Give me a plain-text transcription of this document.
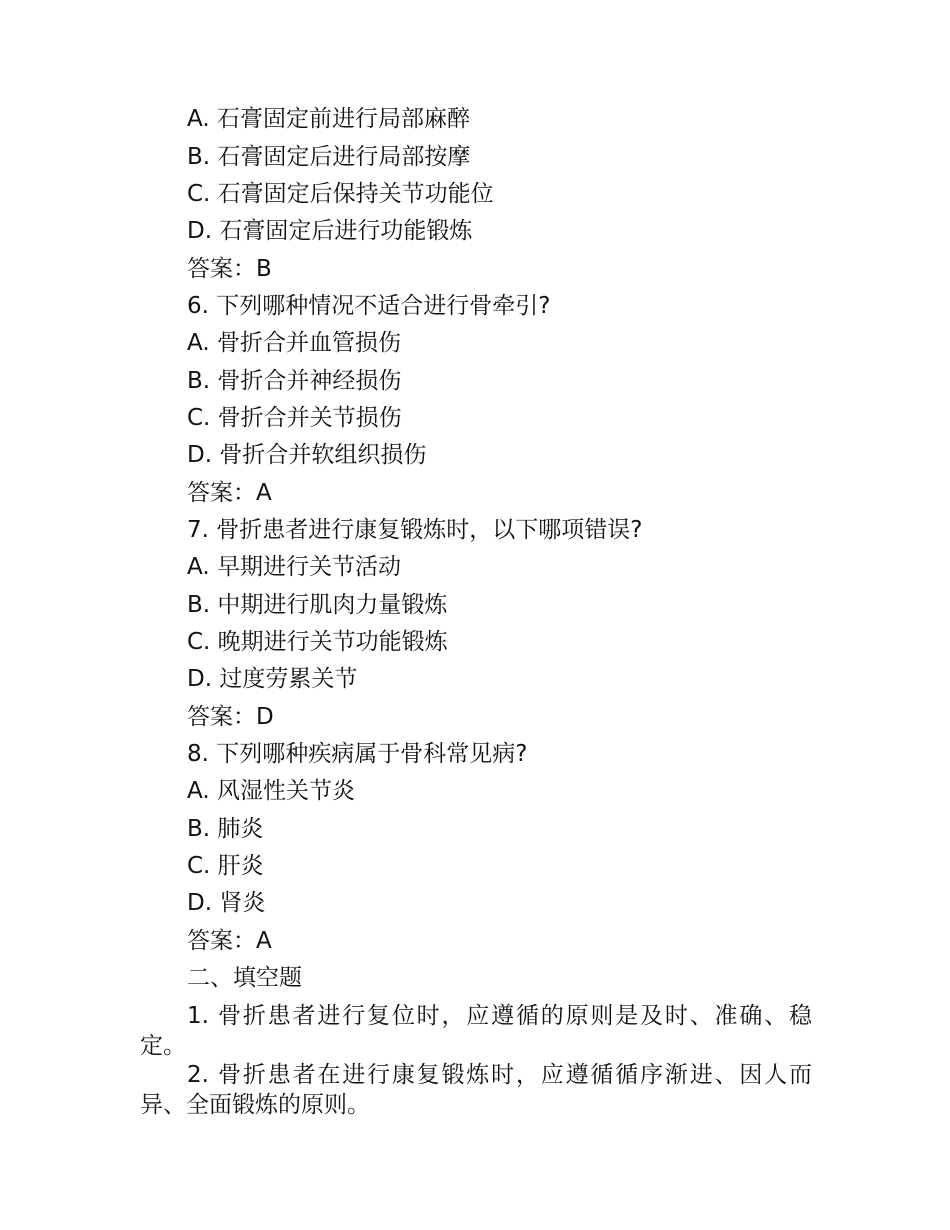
A. 石膏固定前进行局部麻醉
B. 石膏固定后进行局部按摩
C. 石膏固定后保持关节功能位
D. 石膏固定后进行功能锻炼
答案：B
6. 下列哪种情况不适合进行骨牵引?
A. 骨折合并血管损伤
B. 骨折合并神经损伤
C. 骨折合并关节损伤
D. 骨折合并软组织损伤
答案：A
7. 骨折患者进行康复锻炼时，以下哪项错误?
A. 早期进行关节活动
B. 中期进行肌肉力量锻炼
C. 晚期进行关节功能锻炼
D. 过度劳累关节
答案：D
8. 下列哪种疾病属于骨科常见病?
A. 风湿性关节炎
B. 肺炎
C. 肝炎
D. 肾炎
答案：A
二、填空题
1. 骨折患者进行复位时，应遵循的原则是及时、准确、稳定。
2. 骨折患者在进行康复锻炼时，应遵循循序渐进、因人而异、全面锻炼的原则。
